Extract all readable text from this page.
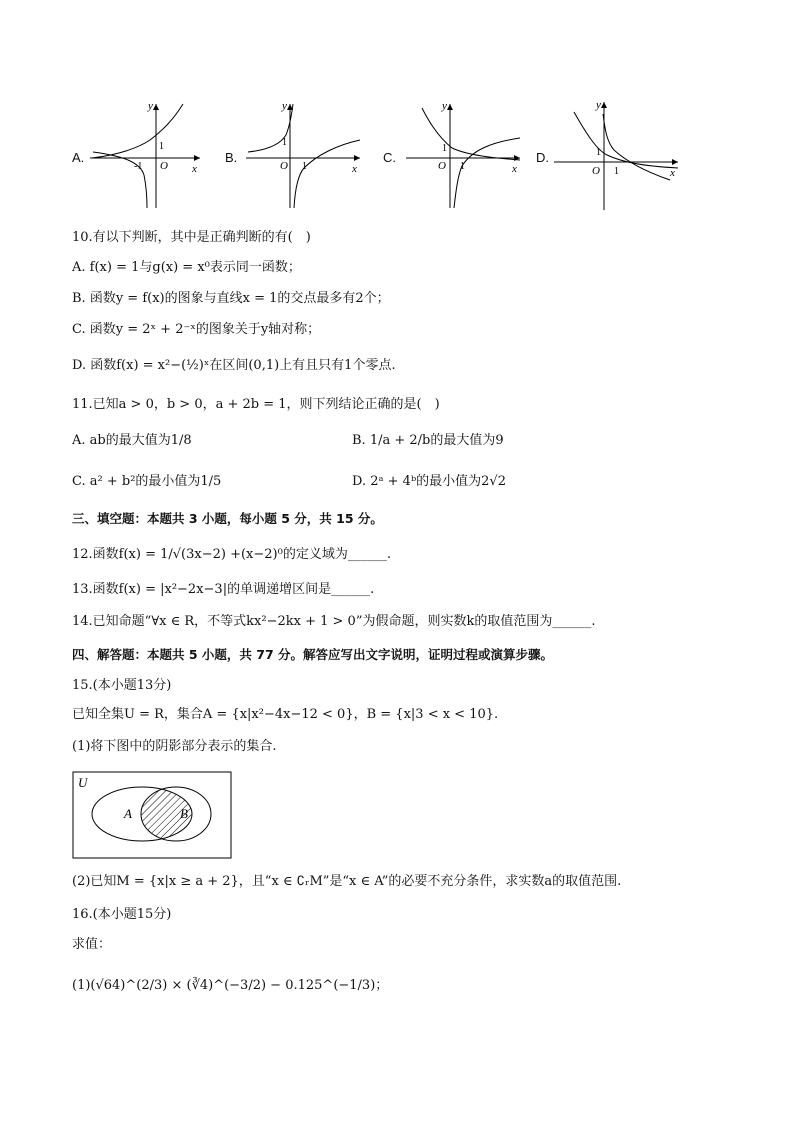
A.
y
x
O
-1
1
B.
y
x
O 1
1
C.
y
x
O 1
1
D.
y
x
O 1
1
10.有以下判断，其中是正确判断的有(　)
A. f(x) = 1与g(x) = x⁰表示同一函数；
B. 函数y = f(x)的图象与直线x = 1的交点最多有2个；
C. 函数y = 2ˣ + 2⁻ˣ的图象关于y轴对称；
D. 函数f(x) = x²−(½)ˣ在区间(0,1)上有且只有1个零点.
11.已知a > 0，b > 0，a + 2b = 1，则下列结论正确的是(　)
A. ab的最大值为1/8	B. 1/a + 2/b的最大值为9
C. a² + b²的最小值为1/5	D. 2ᵃ + 4ᵇ的最小值为2√2
三、填空题：本题共 3 小题，每小题 5 分，共 15 分。
12.函数f(x) = 1/√(3x−2) +(x−2)⁰的定义域为______.
13.函数f(x) = |x²−2x−3|的单调递增区间是______.
14.已知命题“∀x ∈ R，不等式kx²−2kx + 1 > 0”为假命题，则实数k的取值范围为______.
四、解答题：本题共 5 小题，共 77 分。解答应写出文字说明，证明过程或演算步骤。
15.(本小题13分)
已知全集U = R，集合A = {x|x²−4x−12 < 0}，B = {x|3 < x < 10}.
(1)将下图中的阴影部分表示的集合.
U
A	B
(2)已知M = {x|x ≥ a + 2}，且“x ∈ ∁ᵣM”是“x ∈ A”的必要不充分条件，求实数a的取值范围.
16.(本小题15分)
求值：
(1)(√64)^(2/3) × (∛4)^(−3/2) − 0.125^(−1/3)；
